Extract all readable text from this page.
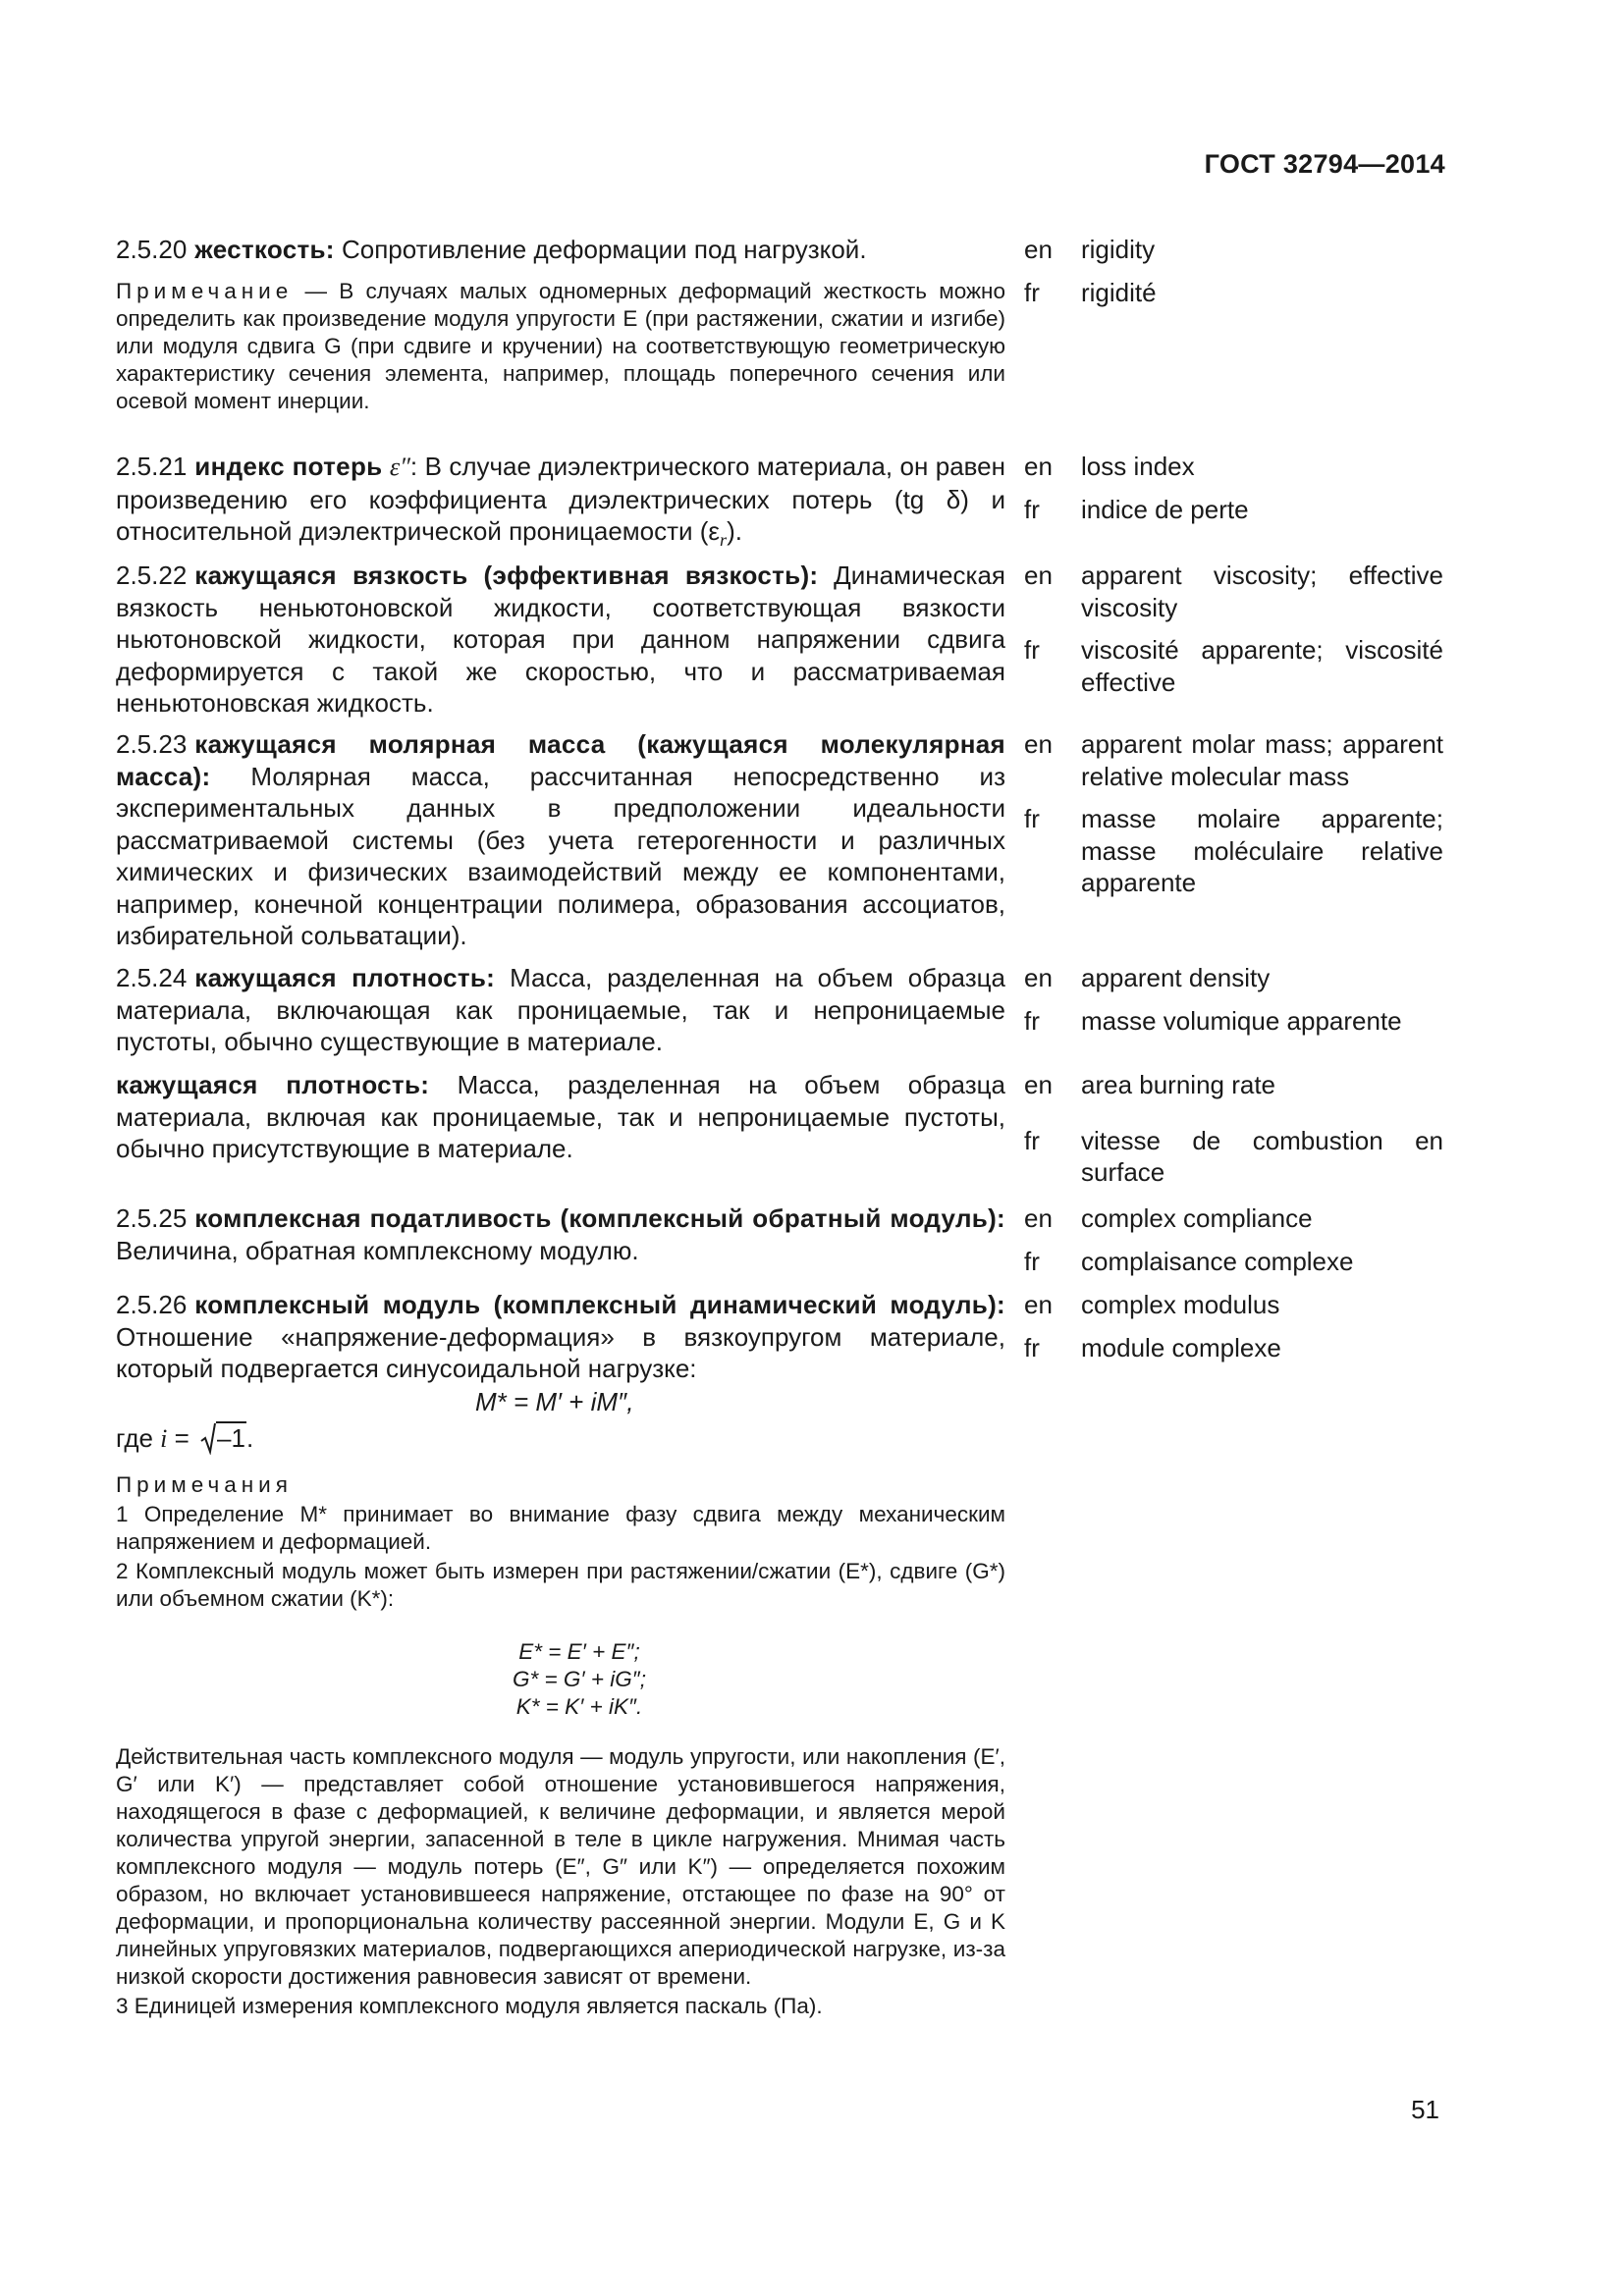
ГОСТ 32794—2014
2.5.20 жесткость: Сопротивление деформации под нагрузкой.

Примечание — В случаях малых одномерных деформаций жесткость можно определить как произведение модуля упругости E (при растяжении, сжатии и изгибе) или модуля сдвига G (при сдвиге и кручении) на соответствующую геометрическую характеристику сечения элемента, например, площадь поперечного сечения или осевой момент инерции.

en	rigidity

fr	rigidité

2.5.21 индекс потерь ε″: В случае диэлектрического материала, он равен произведению его коэффициента диэлектрических потерь (tg δ) и относительной диэлектрической проницаемости $(\varepsilon_r)$.

en	loss index

fr	indice de perte

2.5.22 кажущаяся вязкость (эффективная вязкость): Динамическая вязкость неньютоновской жидкости, соответствующая вязкости ньютоновской жидкости, которая при данном напряжении сдвига деформируется с такой же скоростью, что и рассматриваемая неньютоновская жидкость.

en	apparent viscosity; effective viscosity

fr	viscosité apparente; viscosité effective

2.5.23 кажущаяся молярная масса (кажущаяся молекулярная масса): Молярная масса, рассчитанная непосредственно из экспериментальных данных в предположении идеальности рассматриваемой системы (без учета гетерогенности и различных химических и физических взаимодействий между ее компонентами, например, конечной концентрации полимера, образования ассоциатов, избирательной сольватации).

en	apparent molar mass; apparent relative molecular mass

fr	masse molaire apparente; masse moléculaire relative apparente

2.5.24 кажущаяся плотность: Масса, разделенная на объем образца материала, включающая как проницаемые, так и непроницаемые пустоты, обычно существующие в материале.

en	apparent density

fr	masse volumique apparente

кажущаяся плотность: Масса, разделенная на объем образца материала, включая как проницаемые, так и непроницаемые пустоты, обычно присутствующие в материале.

en	area burning rate

fr	vitesse de combustion en surface

2.5.25 комплексная податливость (комплексный обратный модуль): Величина, обратная комплексному модулю.

en	complex compliance

fr	complaisance complexe

2.5.26 комплексный модуль (комплексный динамический модуль): Отношение «напряжение-деформация» в вязкоупругом материале, который подвергается синусоидальной нагрузке:

en	complex modulus

fr	module complexe

M* = M′ + iM″,
где i = –1.

Примечания

1 Определение M* принимает во внимание фазу сдвига между механическим напряжением и деформацией.

2 Комплексный модуль может быть измерен при растяжении/сжатии (E*), сдвиге (G*) или объемном сжатии (K*):

E* = E′ + E″;
G* = G′ + iG″;
K* = K′ + iK″.

Действительная часть комплексного модуля — модуль упругости, или накопления (E′, G′ или K′) — представляет собой отношение установившегося напряжения, находящегося в фазе с деформацией, к величине деформации, и является мерой количества упругой энергии, запасенной в теле в цикле нагружения. Мнимая часть комплексного модуля — модуль потерь (E″, G″ или K″) — определяется похожим образом, но включает установившееся напряжение, отстающее по фазе на 90° от деформации, и пропорциональна количеству рассеянной энергии. Модули E, G и K линейных упруговязких материалов, подвергающихся апериодической нагрузке, из-за низкой скорости достижения равновесия зависят от времени.

3 Единицей измерения комплексного модуля является паскаль (Па).

51
